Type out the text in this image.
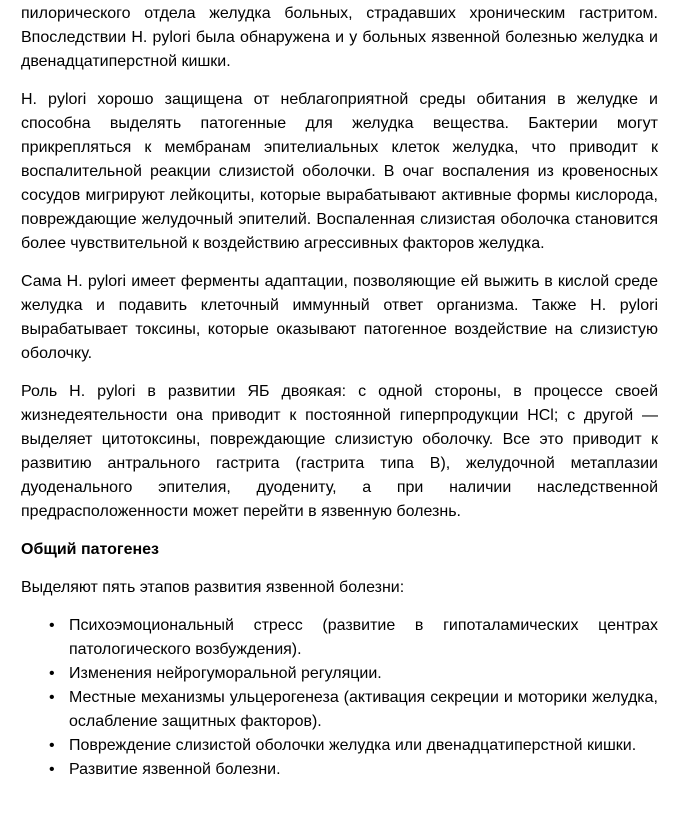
пилорического отдела желудка больных, страдавших хроническим гастритом. Впоследствии H. pylori была обнаружена и у больных язвенной болезнью желудка и двенадцатиперстной кишки.

H. pylori хорошо защищена от неблагоприятной среды обитания в желудке и способна выделять патогенные для желудка вещества. Бактерии могут прикрепляться к мембранам эпителиальных клеток желудка, что приводит к воспалительной реакции слизистой оболочки. В очаг воспаления из кровеносных сосудов мигрируют лейкоциты, которые вырабатывают активные формы кислорода, повреждающие желудочный эпителий. Воспаленная слизистая оболочка становится более чувствительной к воздействию агрессивных факторов желудка.

Сама H. pylori имеет ферменты адаптации, позволяющие ей выжить в кислой среде желудка и подавить клеточный иммунный ответ организма. Также H. pylori вырабатывает токсины, которые оказывают патогенное воздействие на слизистую оболочку.

Роль H. pylori в развитии ЯБ двоякая: с одной стороны, в процессе своей жизнедеятельности она приводит к постоянной гиперпродукции HCl; с другой — выделяет цитотоксины, повреждающие слизистую оболочку. Все это приводит к развитию антрального гастрита (гастрита типа В), желудочной метаплазии дуоденального эпителия, дуодениту, а при наличии наследственной предрасположенности может перейти в язвенную болезнь.

Общий патогенез
Выделяют пять этапов развития язвенной болезни:
• Психоэмоциональный стресс (развитие в гипоталамических центрах патологического возбуждения).
• Изменения нейрогуморальной регуляции.
• Местные механизмы ульцерогенеза (активация секреции и моторики желудка, ослабление защитных факторов).
• Повреждение слизистой оболочки желудка или двенадцатиперстной кишки.
• Развитие язвенной болезни.
